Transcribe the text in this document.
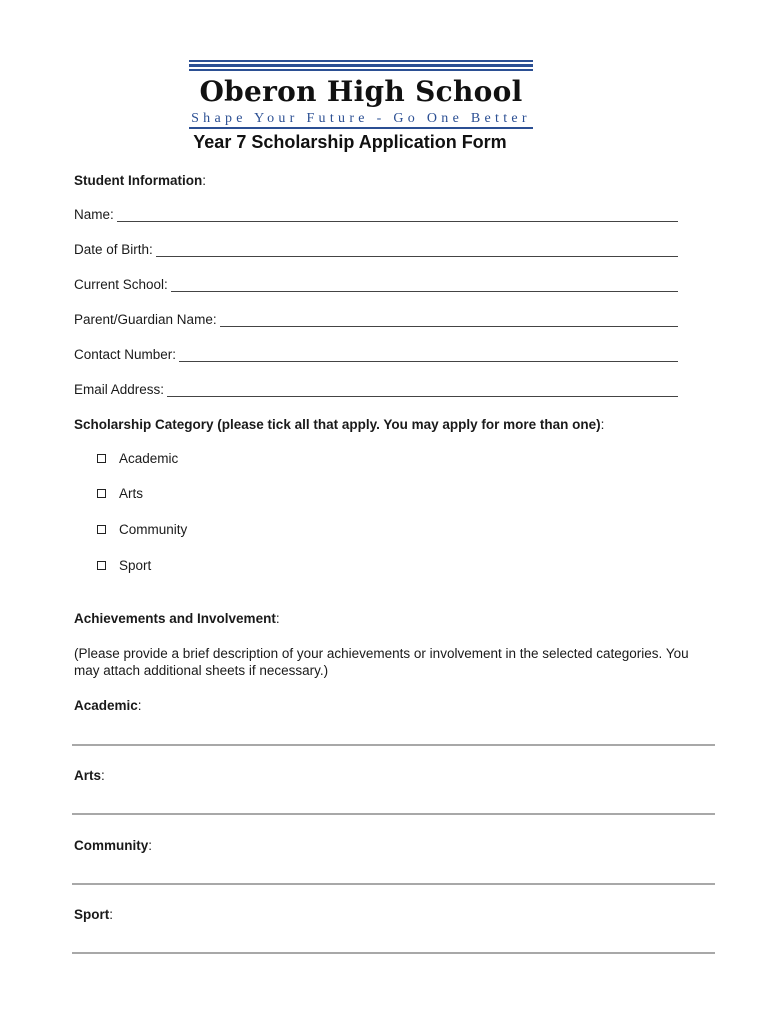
Oberon High School
Shape Your Future - Go One Better
Year 7 Scholarship Application Form
Student Information:
Name:
Date of Birth:
Current School:
Parent/Guardian Name:
Contact Number:
Email Address:
Scholarship Category (please tick all that apply. You may apply for more than one):
Academic
Arts
Community
Sport
Achievements and Involvement:
(Please provide a brief description of your achievements or involvement in the selected categories. You may attach additional sheets if necessary.)
Academic:
Arts:
Community:
Sport:
